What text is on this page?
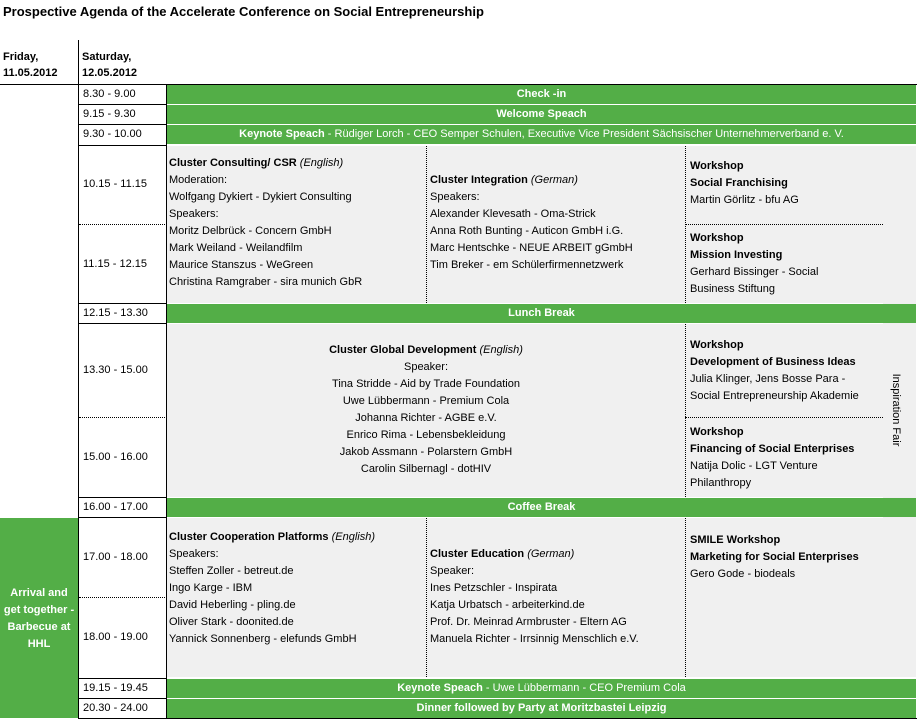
Prospective Agenda of the Accelerate Conference on Social Entrepreneurship
Friday,
11.05.2012
Saturday,
12.05.2012
Arrival and
get together -
Barbecue at
HHL
Check -in
Welcome Speach
Keynote Speach - Rüdiger Lorch - CEO Semper Schulen, Executive Vice President Sächsischer Unternehmerverband e. V.
Lunch Break
Coffee Break
Keynote Speach - Uwe Lübbermann - CEO Premium Cola
Dinner followed by Party at Moritzbastei Leipzig
8.30 - 9.00
9.15 - 9.30
9.30 - 10.00
10.15 - 11.15
11.15 - 12.15
12.15 - 13.30
13.30 - 15.00
15.00 - 16.00
16.00 - 17.00
17.00 - 18.00
18.00 - 19.00
19.15 - 19.45
20.30 - 24.00
Inspiration Fair
Cluster Consulting/ CSR (English)
Moderation:
Wolfgang Dykiert - Dykiert Consulting
Speakers:
Moritz Delbrück - Concern GmbH
Mark Weiland - Weilandfilm
Maurice Stanszus - WeGreen
Christina Ramgraber - sira munich GbR
Cluster Integration (German)
Speakers:
Alexander Klevesath - Oma-Strick
Anna Roth Bunting - Auticon GmbH i.G.
Marc Hentschke - NEUE ARBEIT gGmbH
Tim Breker - em Schülerfirmennetzwerk
Workshop
Social Franchising
Martin Görlitz - bfu AG
Workshop
Mission Investing
Gerhard Bissinger - Social
Business Stiftung
Cluster Global Development (English)
Speaker:
Tina Stridde - Aid by Trade Foundation
Uwe Lübbermann - Premium Cola
Johanna Richter - AGBE e.V.
Enrico Rima - Lebensbekleidung
Jakob Assmann - Polarstern GmbH
Carolin Silbernagl - dotHIV
Workshop
Development of Business Ideas
Julia Klinger, Jens Bosse Para -
Social Entrepreneurship Akademie
Workshop
Financing of Social Enterprises
Natija Dolic - LGT Venture
Philanthropy
Cluster Cooperation Platforms (English)
Speakers:
Steffen Zoller - betreut.de
Ingo Karge - IBM
David Heberling - pling.de
Oliver Stark - doonited.de
Yannick Sonnenberg - elefunds GmbH
Cluster Education (German)
Speaker:
Ines Petzschler - Inspirata
Katja Urbatsch - arbeiterkind.de
Prof. Dr. Meinrad Armbruster - Eltern AG
Manuela Richter - Irrsinnig Menschlich e.V.
SMILE Workshop
Marketing for Social Enterprises
Gero Gode - biodeals
